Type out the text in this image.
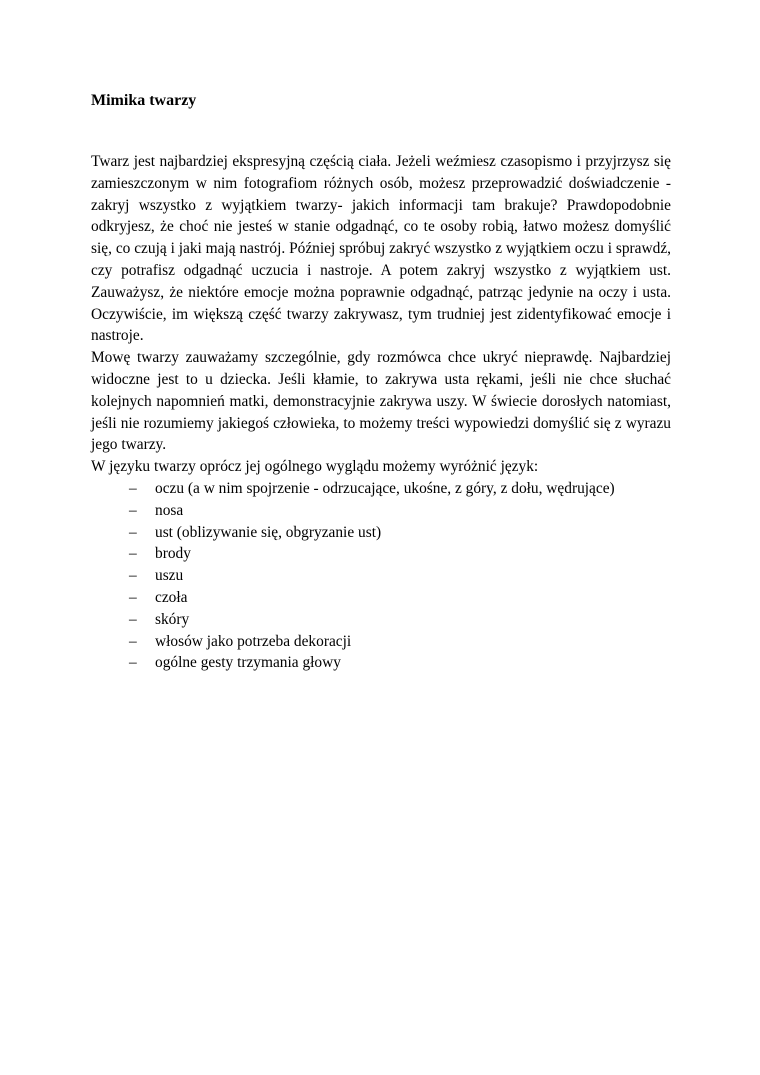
Mimika twarzy

Twarz jest najbardziej ekspresyjną częścią ciała. Jeżeli weźmiesz czasopismo i przyjrzysz się zamieszczonym w nim fotografiom różnych osób, możesz przeprowadzić doświadczenie - zakryj wszystko z wyjątkiem twarzy- jakich informacji tam brakuje? Prawdopodobnie odkryjesz, że choć nie jesteś w stanie odgadnąć, co te osoby robią, łatwo możesz domyślić się, co czują i jaki mają nastrój. Później spróbuj zakryć wszystko z wyjątkiem oczu i sprawdź, czy potrafisz odgadnąć uczucia i nastroje. A potem zakryj wszystko z wyjątkiem ust. Zauważysz, że niektóre emocje można poprawnie odgadnąć, patrząc jedynie na oczy i usta. Oczywiście, im większą część twarzy zakrywasz, tym trudniej jest zidentyfikować emocje i nastroje.

Mowę twarzy zauważamy szczególnie, gdy rozmówca chce ukryć nieprawdę. Najbardziej widoczne jest to u dziecka. Jeśli kłamie, to zakrywa usta rękami, jeśli nie chce słuchać kolejnych napomnień matki, demonstracyjnie zakrywa uszy. W świecie dorosłych natomiast, jeśli nie rozumiemy jakiegoś człowieka, to możemy treści wypowiedzi domyślić się z wyrazu jego twarzy.

W języku twarzy oprócz jej ogólnego wyglądu możemy wyróżnić język:

– oczu (a w nim spojrzenie - odrzucające, ukośne, z góry, z dołu, wędrujące)
– nosa
– ust (oblizywanie się, obgryzanie ust)
– brody
– uszu
– czoła
– skóry
– włosów jako potrzeba dekoracji
– ogólne gesty trzymania głowy
